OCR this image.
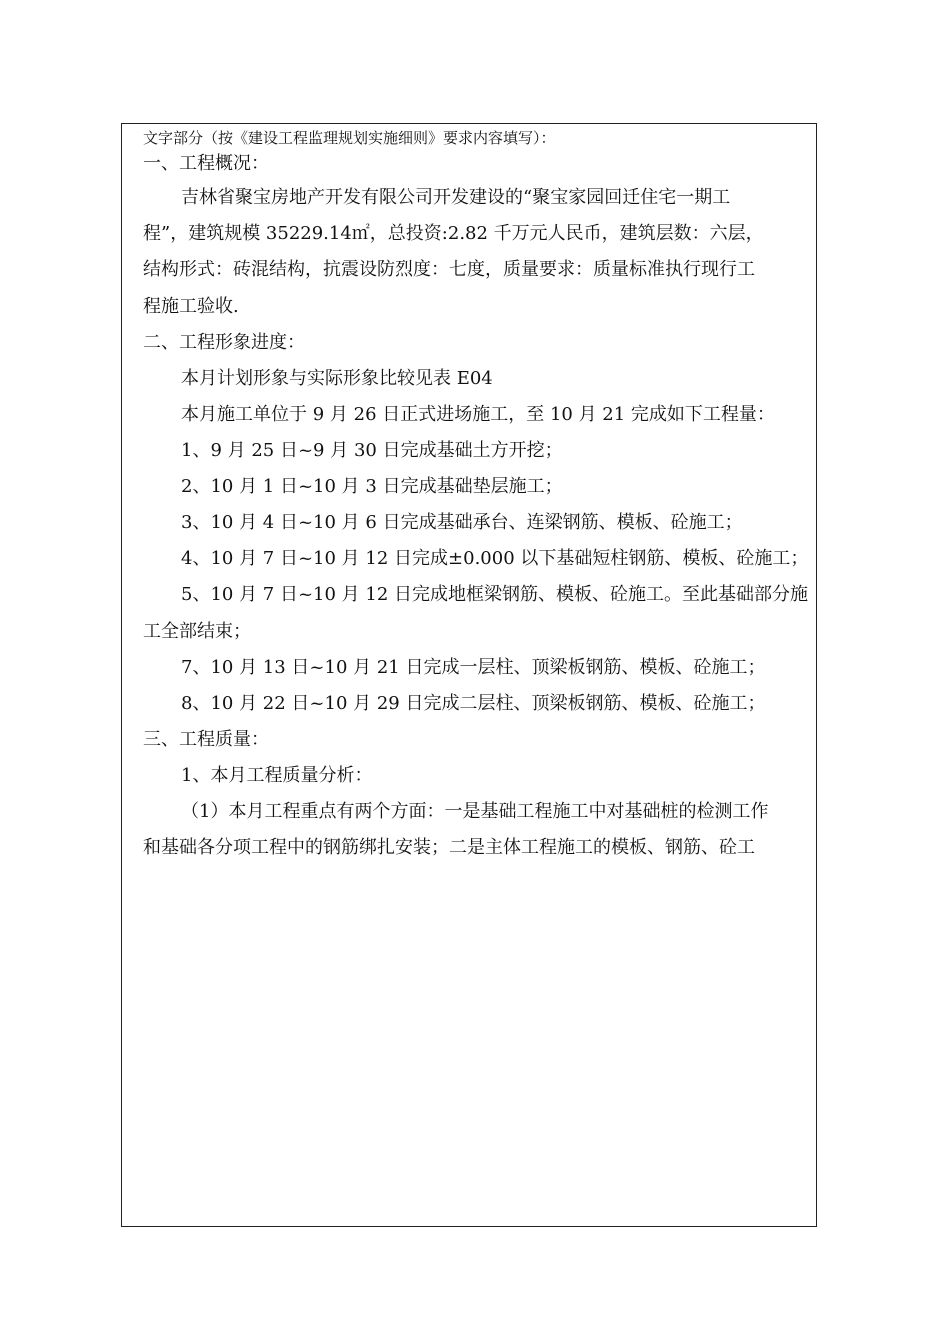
文字部分（按《建设工程监理规划实施细则》要求内容填写）：
一、工程概况：
吉林省聚宝房地产开发有限公司开发建设的“聚宝家园回迁住宅一期工
程”，建筑规模 35229.14㎡，总投资:2.82 千万元人民币，建筑层数：六层，
结构形式：砖混结构，抗震设防烈度：七度，质量要求：质量标准执行现行工
程施工验收.
二、工程形象进度：
本月计划形象与实际形象比较见表 E04
本月施工单位于 9 月 26 日正式进场施工，至 10 月 21 完成如下工程量：
1、9 月 25 日~9 月 30 日完成基础土方开挖；
2、10 月 1 日~10 月 3 日完成基础垫层施工；
3、10 月 4 日~10 月 6 日完成基础承台、连梁钢筋、模板、砼施工；
4、10 月 7 日~10 月 12 日完成±0.000 以下基础短柱钢筋、模板、砼施工；
5、10 月 7 日~10 月 12 日完成地框梁钢筋、模板、砼施工。至此基础部分施
工全部结束；
7、10 月 13 日~10 月 21 日完成一层柱、顶梁板钢筋、模板、砼施工；
8、10 月 22 日~10 月 29 日完成二层柱、顶梁板钢筋、模板、砼施工；
三、工程质量：
1、本月工程质量分析：
（1）本月工程重点有两个方面：一是基础工程施工中对基础桩的检测工作
和基础各分项工程中的钢筋绑扎安装；二是主体工程施工的模板、钢筋、砼工
